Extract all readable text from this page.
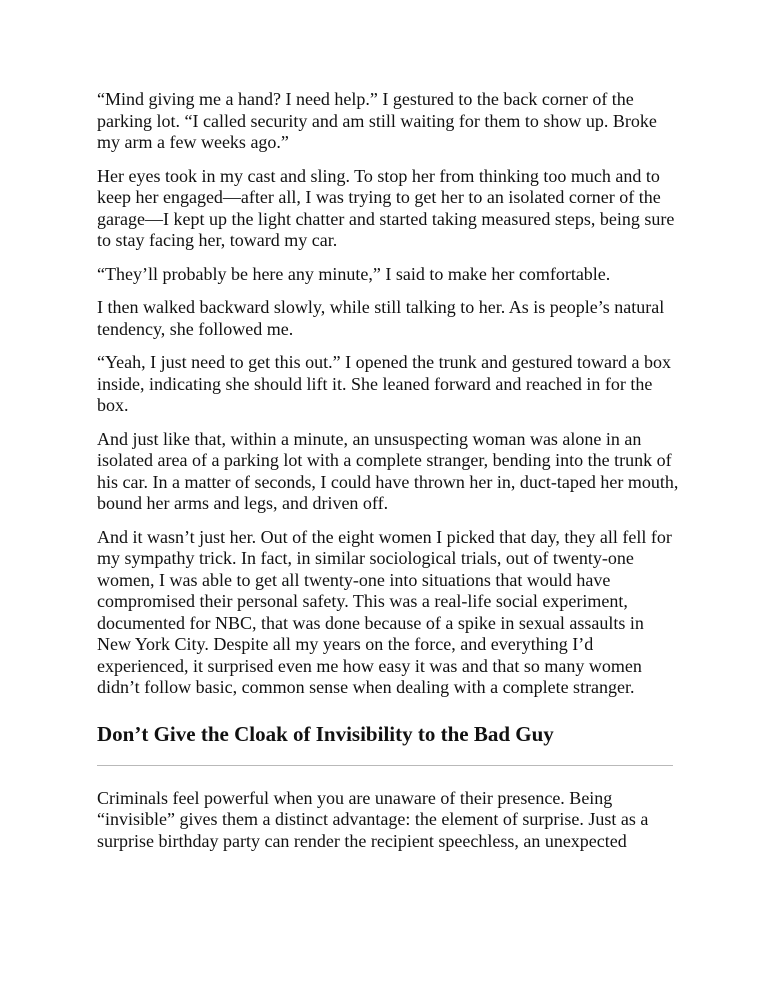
“Mind giving me a hand? I need help.” I gestured to the back corner of the parking lot. “I called security and am still waiting for them to show up. Broke my arm a few weeks ago.”

Her eyes took in my cast and sling. To stop her from thinking too much and to keep her engaged—after all, I was trying to get her to an isolated corner of the garage—I kept up the light chatter and started taking measured steps, being sure to stay facing her, toward my car.

“They’ll probably be here any minute,” I said to make her comfortable.

I then walked backward slowly, while still talking to her. As is people’s natural tendency, she followed me.

“Yeah, I just need to get this out.” I opened the trunk and gestured toward a box inside, indicating she should lift it. She leaned forward and reached in for the box.

And just like that, within a minute, an unsuspecting woman was alone in an isolated area of a parking lot with a complete stranger, bending into the trunk of his car. In a matter of seconds, I could have thrown her in, duct-taped her mouth, bound her arms and legs, and driven off.

And it wasn’t just her. Out of the eight women I picked that day, they all fell for my sympathy trick. In fact, in similar sociological trials, out of twenty-one women, I was able to get all twenty-one into situations that would have compromised their personal safety. This was a real-life social experiment, documented for NBC, that was done because of a spike in sexual assaults in New York City. Despite all my years on the force, and everything I’d experienced, it surprised even me how easy it was and that so many women didn’t follow basic, common sense when dealing with a complete stranger.

Don’t Give the Cloak of Invisibility to the Bad Guy

Criminals feel powerful when you are unaware of their presence. Being “invisible” gives them a distinct advantage: the element of surprise. Just as a surprise birthday party can render the recipient speechless, an unexpected
